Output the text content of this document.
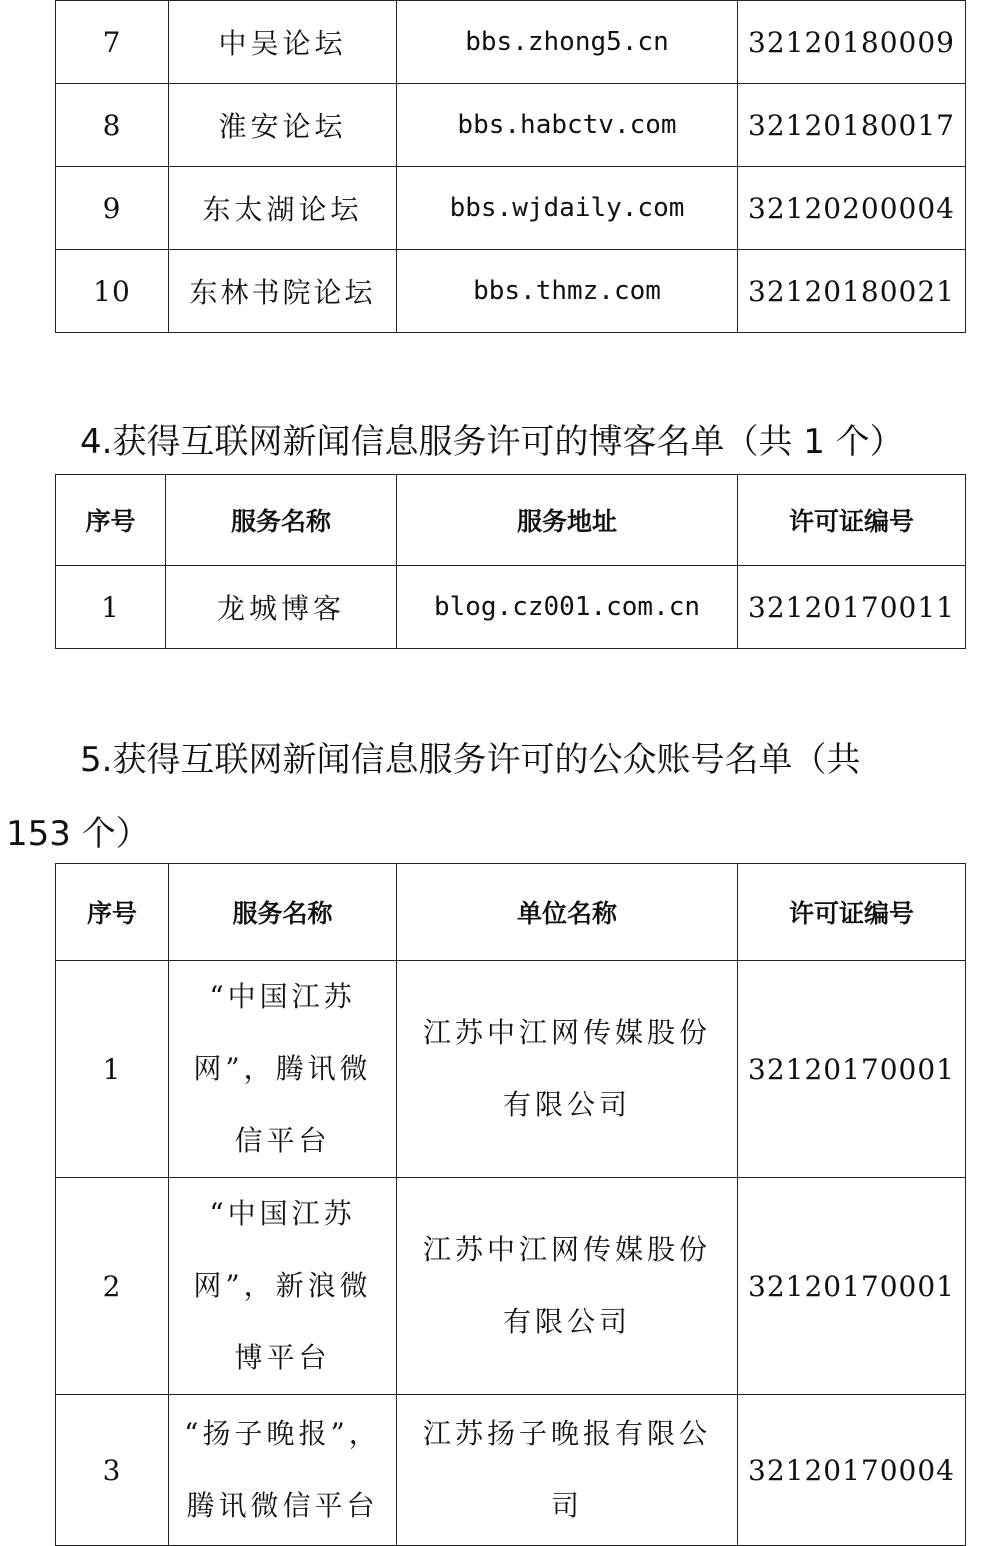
7	中吴论坛	bbs.zhong5.cn	32120180009
8	淮安论坛	bbs.habctv.com	32120180017
9	东太湖论坛	bbs.wjdaily.com	32120200004
10	东林书院论坛	bbs.thmz.com	32120180021

4.获得互联网新闻信息服务许可的博客名单（共 1 个）

序号	服务名称	服务地址	许可证编号
1	龙城博客	blog.cz001.com.cn	32120170011

5.获得互联网新闻信息服务许可的公众账号名单（共

153 个）

序号	服务名称	单位名称	许可证编号
1	“中国江苏网”，腾讯微信平台	江苏中江网传媒股份有限公司	32120170001
2	“中国江苏网”，新浪微博平台	江苏中江网传媒股份有限公司	32120170001
3	“扬子晚报”，腾讯微信平台	江苏扬子晚报有限公司	32120170004
